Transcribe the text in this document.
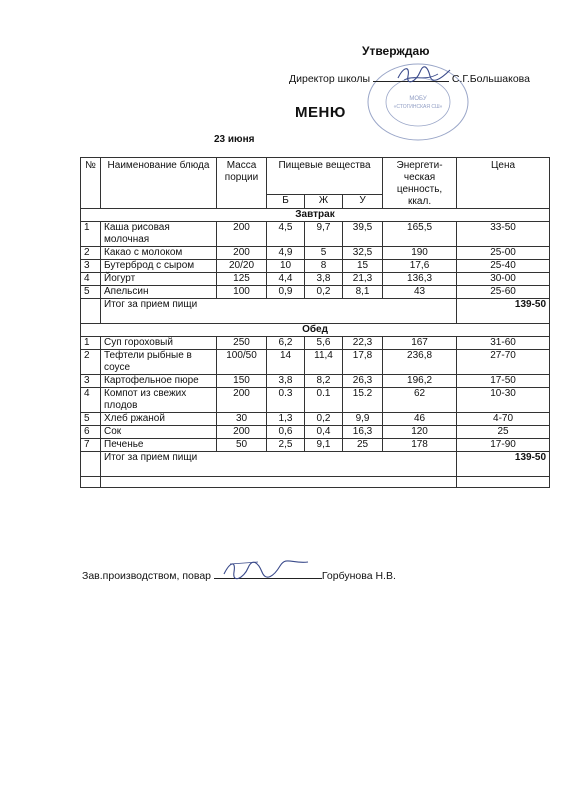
Утверждаю
МОБУ
«СТОГИНСКАЯ СШ»
Директор школы	С.Г.Большакова
МЕНЮ
23 июня
№	Наименование блюда	Масса порции	Пищевые вещества			Энергети-ческая ценность, ккал.	Цена
			Б	Ж	У		
Завтрак							
1	Каша рисовая молочная	200	4,5	9,7	39,5	165,5	33-50
2	Какао с молоком	200	4,9	5	32,5	190	25-00
3	Бутерброд с сыром	20/20	10	8	15	17,6	25-40
4	Йогурт	125	4,4	3,8	21,3	136,3	30-00
5	Апельсин	100	0,9	0,2	8,1	43	25-60
	Итог за прием пищи						139-50
Обед							
1	Суп гороховый	250	6,2	5,6	22,3	167	31-60
2	Тефтели рыбные в соусе	100/50	14	11,4	17,8	236,8	27-70
3	Картофельное пюре	150	3,8	8,2	26,3	196,2	17-50
4	Компот из свежих плодов	200	0.3	0.1	15.2	62	10-30
5	Хлеб ржаной	30	1,3	0,2	9,9	46	4-70
6	Сок	200	0,6	0,4	16,3	120	25
7	Печенье	50	2,5	9,1	25	178	17-90
	Итог за прием пищи						139-50

Зав.производством, повар	Горбунова Н.В.
